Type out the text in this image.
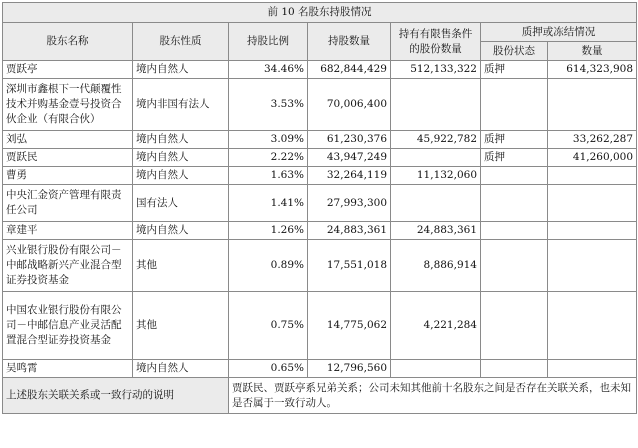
前 10 名股东持股情况						
股东名称	股东性质	持股比例	持股数量	持有有限售条件的股份数量	质押或冻结情况	
					股份状态	数量
贾跃亭	境内自然人	34.46%	682,844,429	512,133,322	质押	614,323,908
深圳市鑫根下一代颠覆性技术并购基金壹号投资合伙企业（有限合伙）	境内非国有法人	3.53%	70,006,400			
刘弘	境内自然人	3.09%	61,230,376	45,922,782	质押	33,262,287
贾跃民	境内自然人	2.22%	43,947,249		质押	41,260,000
曹勇	境内自然人	1.63%	32,264,119	11,132,060		
中央汇金资产管理有限责任公司	国有法人	1.41%	27,993,300			
章建平	境内自然人	1.26%	24,883,361	24,883,361		
兴业银行股份有限公司－中邮战略新兴产业混合型证券投资基金	其他	0.89%	17,551,018	8,886,914		
中国农业银行股份有限公司－中邮信息产业灵活配置混合型证券投资基金	其他	0.75%	14,775,062	4,221,284		
吴鸣霄	境内自然人	0.65%	12,796,560			
上述股东关联关系或一致行动的说明		贾跃民、贾跃亭系兄弟关系；公司未知其他前十名股东之间是否存在关联关系，也未知是否属于一致行动人。				
